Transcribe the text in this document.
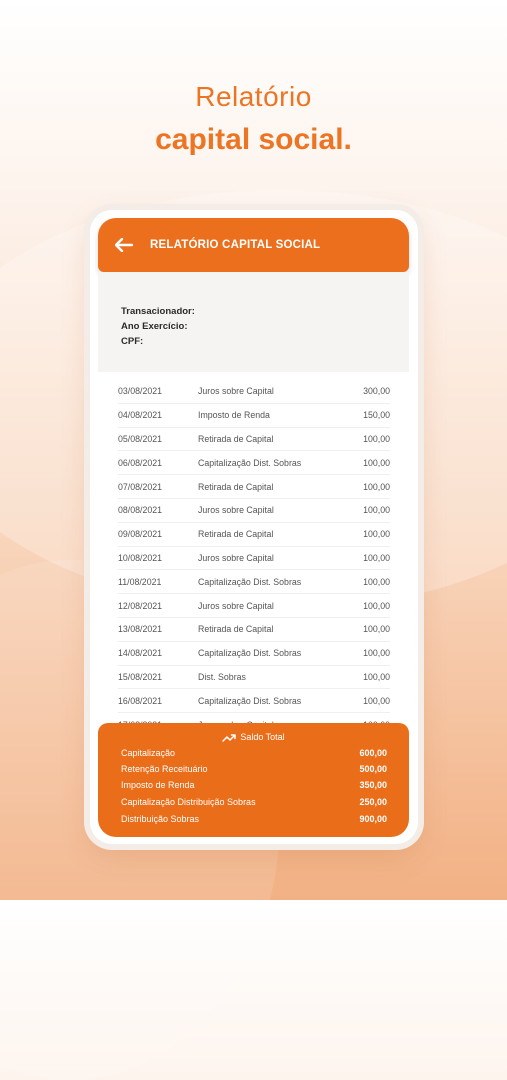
Relatório
capital social.
RELATÓRIO CAPITAL SOCIAL
Transacionador:
Ano Exercício:
CPF:
03/08/2021	Juros sobre Capital	300,00
04/08/2021	Imposto de Renda	150,00
05/08/2021	Retirada de Capital	100,00
06/08/2021	Capitalização Dist. Sobras	100,00
07/08/2021	Retirada de Capital	100,00
08/08/2021	Juros sobre Capital	100,00
09/08/2021	Retirada de Capital	100,00
10/08/2021	Juros sobre Capital	100,00
11/08/2021	Capitalização Dist. Sobras	100,00
12/08/2021	Juros sobre Capital	100,00
13/08/2021	Retirada de Capital	100,00
14/08/2021	Capitalização Dist. Sobras	100,00
15/08/2021	Dist. Sobras	100,00
16/08/2021	Capitalização Dist. Sobras	100,00
Saldo Total
Capitalização	600,00
Retenção Receituário	500,00
Imposto de Renda	350,00
Capitalização Distribuição Sobras	250,00
Distribuição Sobras	900,00
